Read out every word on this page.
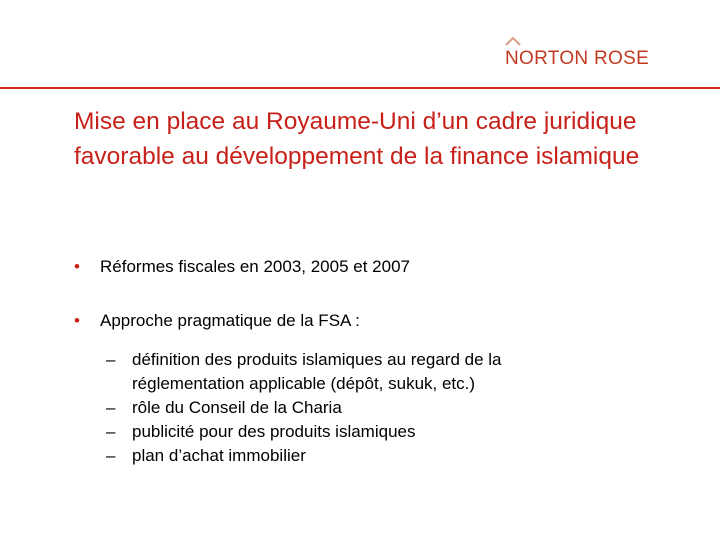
NORTON ROSE
Mise en place au Royaume-Uni d’un cadre juridique favorable au développement de la finance islamique
• Réformes fiscales en 2003, 2005 et 2007
• Approche pragmatique de la FSA :
– définition des produits islamiques au regard de la réglementation applicable (dépôt, sukuk, etc.)
– rôle du Conseil de la Charia
– publicité pour des produits islamiques
– plan d’achat immobilier
